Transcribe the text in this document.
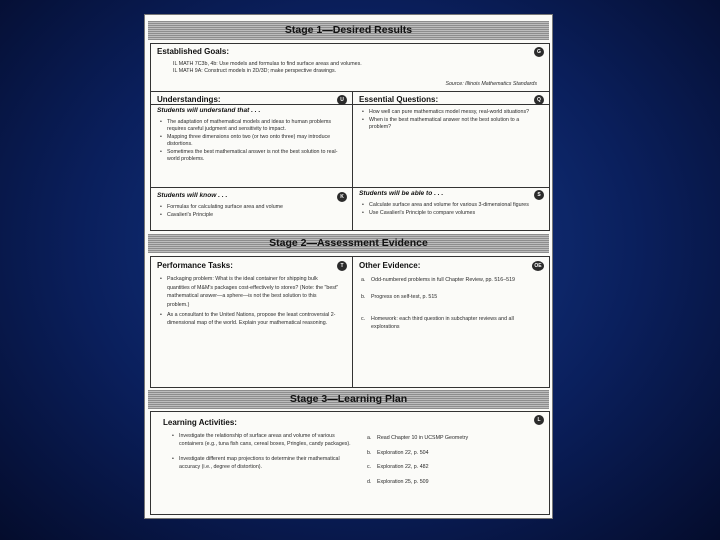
Stage 1—Desired Results
Established Goals:	G
IL MATH 7C3b, 4b: Use models and formulas to find surface areas and volumes.
IL MATH 9A: Construct models in 2D/3D; make perspective drawings.
Source: Illinois Mathematics Standards
Understandings:	U
Students will understand that . . .
• The adaptation of mathematical models and ideas to human problems requires careful judgment and sensitivity to impact.
• Mapping three dimensions onto two (or two onto three) may introduce distortions.
• Sometimes the best mathematical answer is not the best solution to real-world problems.
Essential Questions:	Q
• How well can pure mathematics model messy, real-world situations?
• When is the best mathematical answer not the best solution to a problem?
Students will know . . .	K
• Formulas for calculating surface area and volume
• Cavalieri's Principle
Students will be able to . . .	S
• Calculate surface area and volume for various 3-dimensional figures
• Use Cavalieri's Principle to compare volumes
Stage 2—Assessment Evidence
Performance Tasks:	T
• Packaging problem: What is the ideal container for shipping bulk quantities of M&M's packages cost-effectively to stores? (Note: the "best" mathematical answer—a sphere—is not the best solution to this problem.)
• As a consultant to the United Nations, propose the least controversial 2-dimensional map of the world. Explain your mathematical reasoning.
Other Evidence:	OE
a. Odd-numbered problems in full Chapter Review, pp. 516–519
b. Progress on self-test, p. 515
c. Homework: each third question in subchapter reviews and all explorations
Stage 3—Learning Plan
Learning Activities:	L
• Investigate the relationship of surface areas and volume of various containers (e.g., tuna fish cans, cereal boxes, Pringles, candy packages).
• Investigate different map projections to determine their mathematical accuracy (i.e., degree of distortion).
a. Read Chapter 10 in UCSMP Geometry
b. Exploration 22, p. 504
c. Exploration 22, p. 482
d. Exploration 25, p. 509
